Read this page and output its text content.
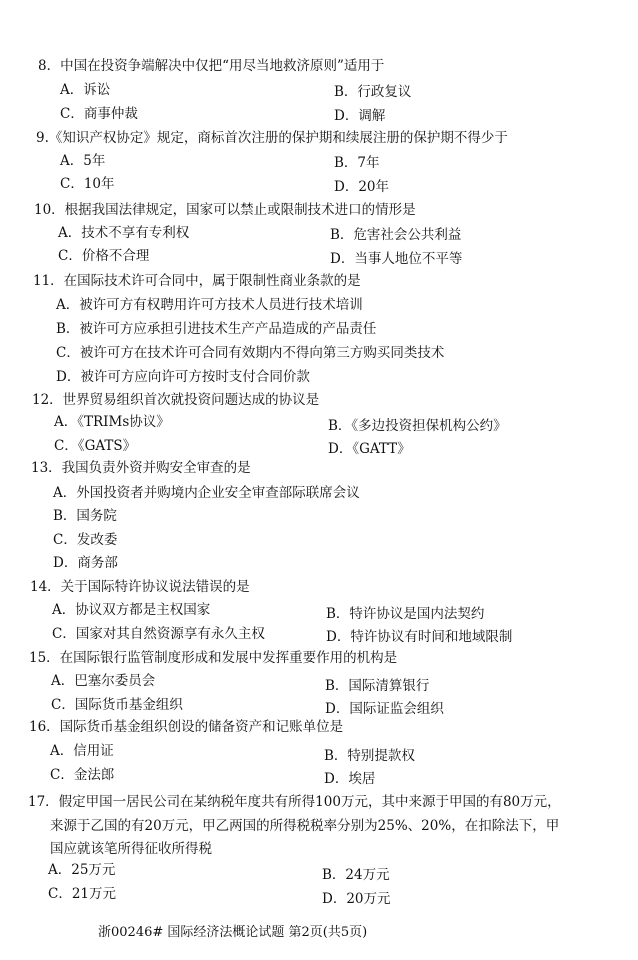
8．中国在投资争端解决中仅把“用尽当地救济原则”适用于
A．诉讼	B．行政复议
C．商事仲裁	D．调解
9.《知识产权协定》规定，商标首次注册的保护期和续展注册的保护期不得少于
A．5年	B．7年
C．10年	D．20年
10．根据我国法律规定，国家可以禁止或限制技术进口的情形是
A．技术不享有专利权	B．危害社会公共利益
C．价格不合理	D．当事人地位不平等
11．在国际技术许可合同中，属于限制性商业条款的是
A．被许可方有权聘用许可方技术人员进行技术培训
B．被许可方应承担引进技术生产产品造成的产品责任
C．被许可方在技术许可合同有效期内不得向第三方购买同类技术
D．被许可方应向许可方按时支付合同价款
12．世界贸易组织首次就投资问题达成的协议是
A．《TRIMs协议》	B．《多边投资担保机构公约》
C．《GATS》	D．《GATT》
13．我国负责外资并购安全审查的是
A．外国投资者并购境内企业安全审查部际联席会议
B．国务院
C．发改委
D．商务部
14．关于国际特许协议说法错误的是
A．协议双方都是主权国家	B．特许协议是国内法契约
C．国家对其自然资源享有永久主权	D．特许协议有时间和地域限制
15．在国际银行监管制度形成和发展中发挥重要作用的机构是
A．巴塞尔委员会	B．国际清算银行
C．国际货币基金组织	D．国际证监会组织
16．国际货币基金组织创设的储备资产和记账单位是
A．信用证	B．特别提款权
C．金法郎	D．埃居
17．假定甲国一居民公司在某纳税年度共有所得100万元，其中来源于甲国的有80万元，
来源于乙国的有20万元，甲乙两国的所得税税率分别为25%、20%，在扣除法下，甲
国应就该笔所得征收所得税
A．25万元	B．24万元
C．21万元	D．20万元
浙00246# 国际经济法概论试题 第2页(共5页)
